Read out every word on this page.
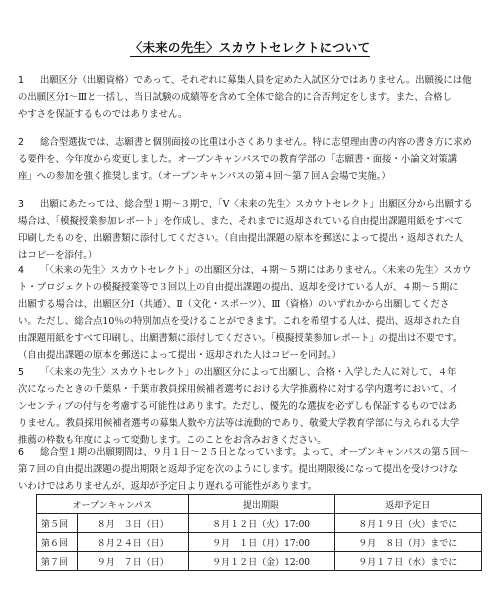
〈未来の先生〉スカウトセレクトについて
1 出願区分（出願資格）であって、それぞれに募集人員を定めた入試区分ではありません。出願後には他
の出願区分Ⅰ～Ⅲと一括し、当日試験の成績等を含めて全体で総合的に合否判定をします。また、合格し
やすさを保証するものではありません。
2 総合型選抜では、志願書と個別面接の比重は小さくありません。特に志望理由書の内容の書き方に求め
る要件を、今年度から変更しました。オープンキャンパスでの教育学部の「志願書・面接・小論文対策講
座」への参加を強く推奨します。（オープンキャンパスの第４回～第７回Ａ会場で実施。）
3 出願にあたっては、総合型１期～３期で、「V〈未来の先生〉スカウトセレクト」出願区分から出願する
場合は、「模擬授業参加レポート」を作成し、また、それまでに返却されている自由提出課題用紙をすべて
印刷したものを、出願書類に添付してください。（自由提出課題の原本を郵送によって提出・返却された人
はコピーを添付。）
4 「〈未来の先生〉スカウトセレクト」の出願区分は、４期～５期にはありません。〈未来の先生〉スカウ
ト・プロジェクトの模擬授業等で３回以上の自由提出課題の提出、返却を受けている人が、４期～５期に
出願する場合は、出願区分Ⅰ（共通）、Ⅱ（文化・スポーツ）、Ⅲ（資格）のいずれかから出願してくださ
い。ただし、総合点10％の特別加点を受けることができます。これを希望する人は、提出、返却された自
由課題用紙をすべて印刷し、出願書類に添付してください。「模擬授業参加レポート」の提出は不要です。
（自由提出課題の原本を郵送によって提出・返却された人はコピーを同封。）
5 「〈未来の先生〉スカウトセレクト」の出願区分によって出願し、合格・入学した人に対して、４年
次になったときの千葉県・千葉市教員採用候補者選考における大学推薦枠に対する学内選考において、イ
ンセンティブの付与を考慮する可能性はあります。ただし、優先的な選抜を必ずしも保証するものではあ
りません。教員採用候補者選考の募集人数や方法等は流動的であり、敬愛大学教育学部に与えられる大学
推薦の枠数も年度によって変動します。このことをお含みおきください。
6 総合型１期の出願期間は、９月１日～２５日となっています。よって、オープンキャンパスの第５回～
第７回の自由提出課題の提出期限と返却予定を次のようにします。提出期限後になって提出を受けつけな
いわけではありませんが、返却が予定日より遅れる可能性があります。
オープンキャンパス		提出期限	返却予定日
第５回	８月　３日（日）	８月１２日（火）17:00	８月１９日（火）までに
第６回	８月２４日（日）	９月　１日（月）17:00	９月　８日（月）までに
第７回	９月　７日（日）	９月１２日（金）12:00	９月１７日（水）までに
